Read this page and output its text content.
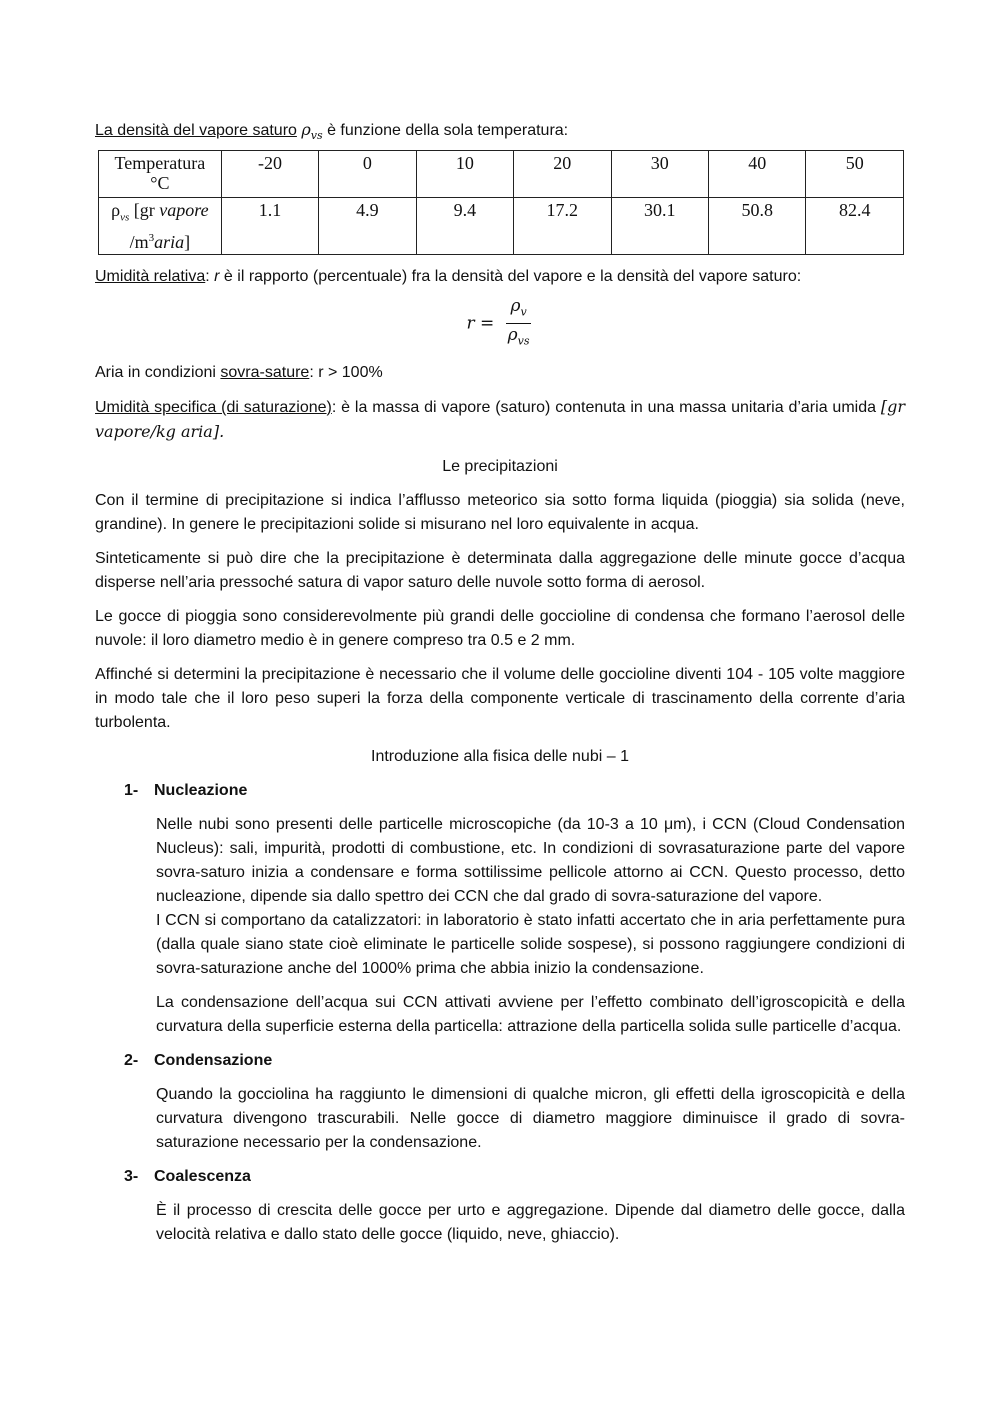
La densità del vapore saturo $\rho_{vs}$ è funzione della sola temperatura:

Temperatura
°C	-20	0	10	20	30	40	50
$\rho_{vs}$ [gr vapore
$/m^3aria$]	1.1	4.9	9.4	17.2	30.1	50.8	82.4

Umidità relativa: r è il rapporto (percentuale) fra la densità del vapore e la densità del vapore saturo:

$r = \frac{\rho_v}{\rho_{vs}}$

Aria in condizioni sovra-sature: r > 100%

Umidità specifica (di saturazione): è la massa di vapore (saturo) contenuta in una massa unitaria d’aria umida [gr vapore/kg aria].

Le precipitazioni

Con il termine di precipitazione si indica l’afflusso meteorico sia sotto forma liquida (pioggia) sia solida (neve, grandine). In genere le precipitazioni solide si misurano nel loro equivalente in acqua.

Sinteticamente si può dire che la precipitazione è determinata dalla aggregazione delle minute gocce d’acqua disperse nell’aria pressoché satura di vapor saturo delle nuvole sotto forma di aerosol.

Le gocce di pioggia sono considerevolmente più grandi delle goccioline di condensa che formano l’aerosol delle nuvole: il loro diametro medio è in genere compreso tra 0.5 e 2 mm.

Affinché si determini la precipitazione è necessario che il volume delle goccioline diventi 104 - 105 volte maggiore in modo tale che il loro peso superi la forza della componente verticale di trascinamento della corrente d’aria turbolenta.

Introduzione alla fisica delle nubi – 1

1- Nucleazione

Nelle nubi sono presenti delle particelle microscopiche (da 10-3 a 10 μm), i CCN (Cloud Condensation Nucleus): sali, impurità, prodotti di combustione, etc. In condizioni di sovrasaturazione parte del vapore sovra-saturo inizia a condensare e forma sottilissime pellicole attorno ai CCN. Questo processo, detto nucleazione, dipende sia dallo spettro dei CCN che dal grado di sovra-saturazione del vapore.

I CCN si comportano da catalizzatori: in laboratorio è stato infatti accertato che in aria perfettamente pura (dalla quale siano state cioè eliminate le particelle solide sospese), si possono raggiungere condizioni di sovra-saturazione anche del 1000% prima che abbia inizio la condensazione.

La condensazione dell’acqua sui CCN attivati avviene per l’effetto combinato dell’igroscopicità e della curvatura della superficie esterna della particella: attrazione della particella solida sulle particelle d’acqua.

2- Condensazione

Quando la gocciolina ha raggiunto le dimensioni di qualche micron, gli effetti della igroscopicità e della curvatura divengono trascurabili. Nelle gocce di diametro maggiore diminuisce il grado di sovra-saturazione necessario per la condensazione.

3- Coalescenza

È il processo di crescita delle gocce per urto e aggregazione. Dipende dal diametro delle gocce, dalla velocità relativa e dallo stato delle gocce (liquido, neve, ghiaccio).
